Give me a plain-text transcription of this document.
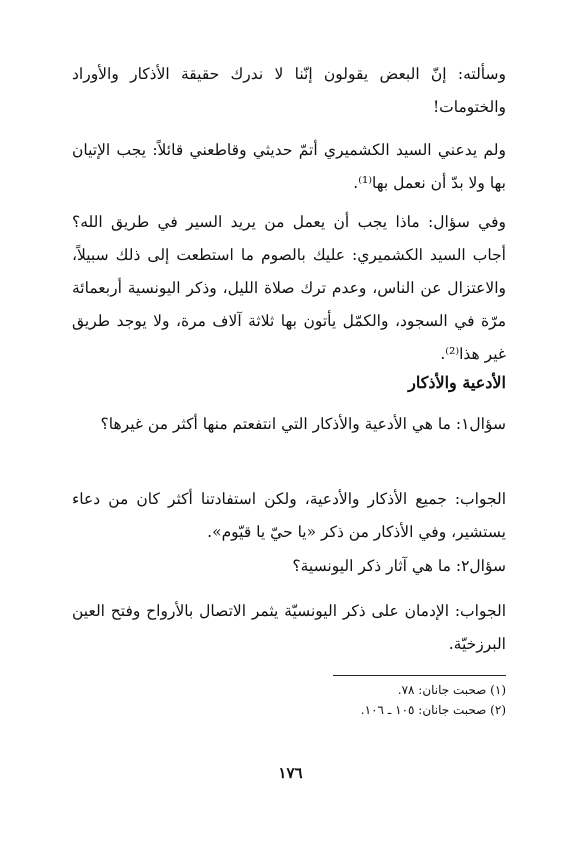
وسألته: إنّ البعض يقولون إنّنا لا ندرك حقيقة الأذكار والأوراد والختومات!

ولم يدعني السيد الكشميري أتمّ حديثي وقاطعني قائلاً: يجب الإتيان بها ولا بدّ أن نعمل بها⁽¹⁾.

وفي سؤال: ماذا يجب أن يعمل من يريد السير في طريق الله؟ أجاب السيد الكشميري: عليك بالصوم ما استطعت إلى ذلك سبيلاً، والاعتزال عن الناس، وعدم ترك صلاة الليل، وذكر اليونسية أربعمائة مرّة في السجود، والكمّل يأتون بها ثلاثة آلاف مرة، ولا يوجد طريق غير هذا⁽²⁾.

الأدعية والأذكار

سؤال١: ما هي الأدعية والأذكار التي انتفعتم منها أكثر من غيرها؟

الجواب: جميع الأذكار والأدعية، ولكن استفادتنا أكثر كان من دعاء يستشير، وفي الأذكار من ذكر «يا حيّ يا قيّوم».

سؤال٢: ما هي آثار ذكر اليونسية؟

الجواب: الإدمان على ذكر اليونسيّة يثمر الاتصال بالأرواح وفتح العين البرزخيّة.

(١) صحبت جانان: ٧٨.

(٢) صحبت جانان: ١٠٥ ـ ١٠٦.

١٧٦
